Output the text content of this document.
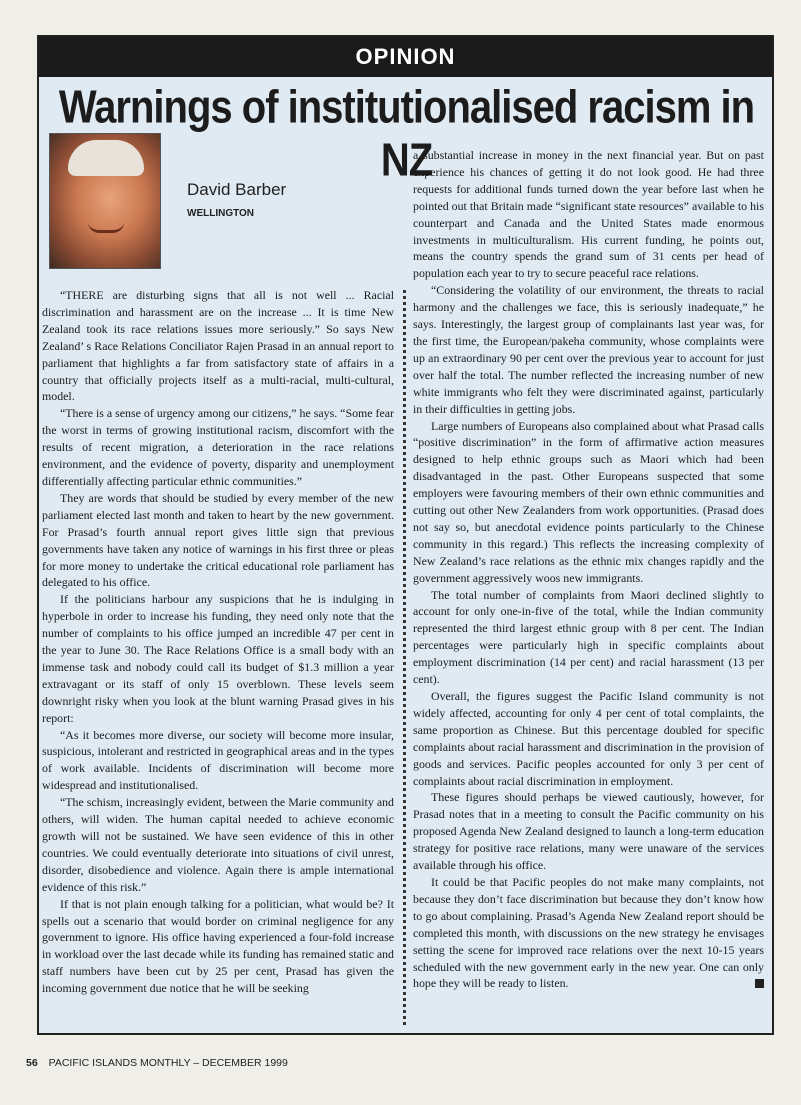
OPINION
Warnings of institutionalised racism in NZ
David Barber
WELLINGTON

a substantial increase in money in the next financial year. But on past experience his chances of getting it do not look good. He had three requests for additional funds turned down the year before last when he pointed out that Britain made “significant state resources” available to his counterpart and Canada and the United States made enormous investments in multiculturalism. His current funding, he points out, means the country spends the grand sum of 31 cents per head of population each year to try to secure peaceful race relations.

“Considering the volatility of our environment, the threats to racial harmony and the challenges we face, this is seriously inadequate,” he says. Interestingly, the largest group of complainants last year was, for the first time, the European/pakeha community, whose complaints were up an extraordinary 90 per cent over the previous year to account for just over half the total. The number reflected the increasing number of new white immigrants who felt they were discriminated against, particularly in their difficulties in getting jobs.

Large numbers of Europeans also complained about what Prasad calls “positive discrimination” in the form of affirmative action measures designed to help ethnic groups such as Maori which had been disadvantaged in the past. Other Europeans suspected that some employers were favouring members of their own ethnic communities and cutting out other New Zealanders from work opportunities. (Prasad does not say so, but anecdotal evidence points particularly to the Chinese community in this regard.) This reflects the increasing complexity of New Zealand’s race relations as the ethnic mix changes rapidly and the government aggressively woos new immigrants.

The total number of complaints from Maori declined slightly to account for only one-in-five of the total, while the Indian community represented the third largest ethnic group with 8 per cent. The Indian percentages were particularly high in specific complaints about employment discrimination (14 per cent) and racial harassment (13 per cent).

Overall, the figures suggest the Pacific Island community is not widely affected, accounting for only 4 per cent of total complaints, the same proportion as Chinese. But this percentage doubled for specific complaints about racial harassment and discrimination in the provision of goods and services. Pacific peoples accounted for only 3 per cent of complaints about racial discrimination in employment.

These figures should perhaps be viewed cautiously, however, for Prasad notes that in a meeting to consult the Pacific community on his proposed Agenda New Zealand designed to launch a long-term education strategy for positive race relations, many were unaware of the services available through his office.

It could be that Pacific peoples do not make many complaints, not because they don’t face discrimination but because they don’t know how to go about complaining. Prasad’s Agenda New Zealand report should be completed this month, with discussions on the new strategy he envisages setting the scene for improved race relations over the next 10-15 years scheduled with the new government early in the new year. One can only hope they will be ready to listen.

“THERE are disturbing signs that all is not well ... Racial discrimination and harassment are on the increase ... It is time New Zealand took its race relations issues more seriously.” So says New Zealand’ s Race Relations Conciliator Rajen Prasad in an annual report to parliament that highlights a far from satisfactory state of affairs in a country that officially projects itself as a multi-racial, multi-cultural, model.

“There is a sense of urgency among our citizens,” he says. “Some fear the worst in terms of growing institutional racism, discomfort with the results of recent migration, a deterioration in the race relations environment, and the evidence of poverty, disparity and unemployment differentially affecting particular ethnic communities.”

They are words that should be studied by every member of the new parliament elected last month and taken to heart by the new government. For Prasad’s fourth annual report gives little sign that previous governments have taken any notice of warnings in his first three or pleas for more money to undertake the critical educational role parliament has delegated to his office.

If the politicians harbour any suspicions that he is indulging in hyperbole in order to increase his funding, they need only note that the number of complaints to his office jumped an incredible 47 per cent in the year to June 30. The Race Relations Office is a small body with an immense task and nobody could call its budget of $1.3 million a year extravagant or its staff of only 15 overblown. These levels seem downright risky when you look at the blunt warning Prasad gives in his report:

“As it becomes more diverse, our society will become more insular, suspicious, intolerant and restricted in geographical areas and in the types of work available. Incidents of discrimination will become more widespread and institutionalised.

“The schism, increasingly evident, between the Marie community and others, will widen. The human capital needed to achieve economic growth will not be sustained. We have seen evidence of this in other countries. We could eventually deteriorate into situations of civil unrest, disorder, disobedience and violence. Again there is ample international evidence of this risk.”

If that is not plain enough talking for a politician, what would be? It spells out a scenario that would border on criminal negligence for any government to ignore. His office having experienced a four-fold increase in workload over the last decade while its funding has remained static and staff numbers have been cut by 25 per cent, Prasad has given the incoming government due notice that he will be seeking

56 PACIFIC ISLANDS MONTHLY – DECEMBER 1999
